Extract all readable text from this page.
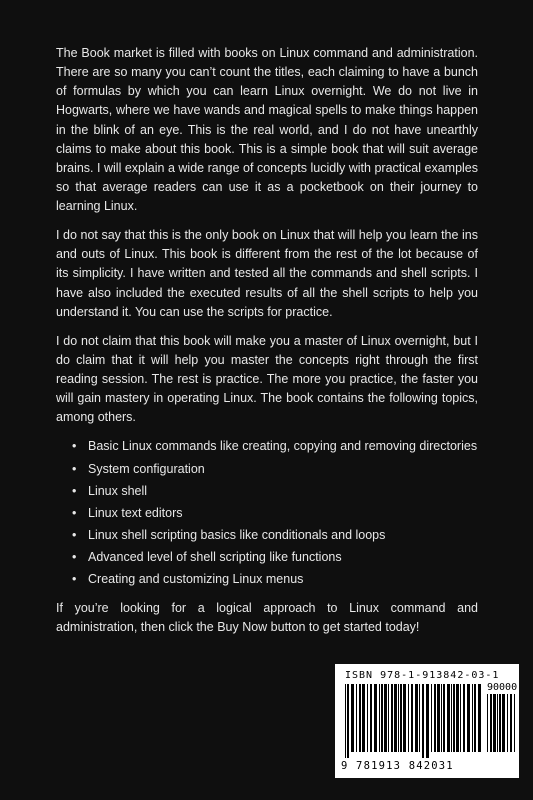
The Book market is filled with books on Linux command and administration. There are so many you can’t count the titles, each claiming to have a bunch of formulas by which you can learn Linux overnight. We do not live in Hogwarts, where we have wands and magical spells to make things happen in the blink of an eye. This is the real world, and I do not have unearthly claims to make about this book. This is a simple book that will suit average brains. I will explain a wide range of concepts lucidly with practical examples so that average readers can use it as a pocketbook on their journey to learning Linux.

I do not say that this is the only book on Linux that will help you learn the ins and outs of Linux. This book is different from the rest of the lot because of its simplicity. I have written and tested all the commands and shell scripts. I have also included the executed results of all the shell scripts to help you understand it. You can use the scripts for practice.

I do not claim that this book will make you a master of Linux overnight, but I do claim that it will help you master the concepts right through the first reading session. The rest is practice. The more you practice, the faster you will gain mastery in operating Linux. The book contains the following topics, among others.

• Basic Linux commands like creating, copying and removing directories
• System configuration
• Linux shell
• Linux text editors
• Linux shell scripting basics like conditionals and loops
• Advanced level of shell scripting like functions
• Creating and customizing Linux menus

If you’re looking for a logical approach to Linux command and administration, then click the Buy Now button to get started today!

ISBN 978-1-913842-03-1
90000
9 781913 842031
